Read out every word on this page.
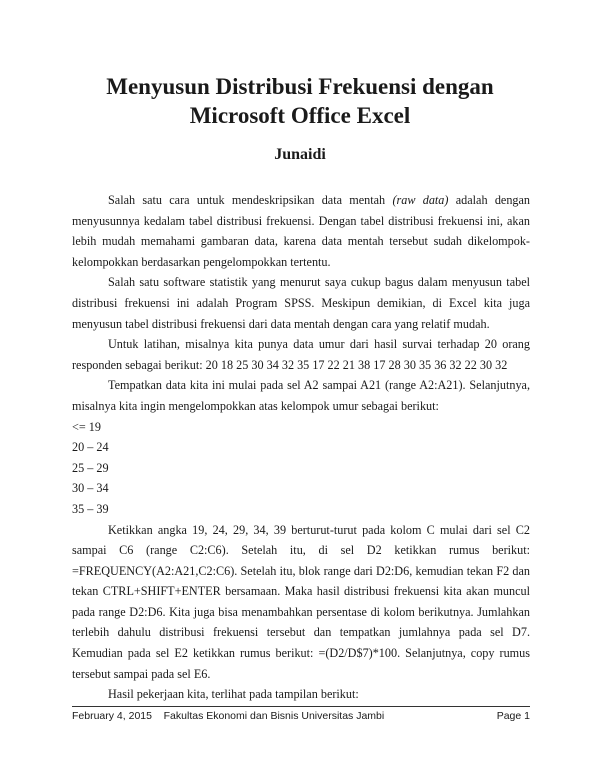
Menyusun Distribusi Frekuensi dengan
Microsoft Office Excel
Junaidi

Salah satu cara untuk mendeskripsikan data mentah (raw data) adalah dengan menyusunnya kedalam tabel distribusi frekuensi. Dengan tabel distribusi frekuensi ini, akan lebih mudah memahami gambaran data, karena data mentah tersebut sudah dikelompok-kelompokkan berdasarkan pengelompokkan tertentu.

Salah satu software statistik yang menurut saya cukup bagus dalam menyusun tabel distribusi frekuensi ini adalah Program SPSS. Meskipun demikian, di Excel kita juga menyusun tabel distribusi frekuensi dari data mentah dengan cara yang relatif mudah.

Untuk latihan, misalnya kita punya data umur dari hasil survai terhadap 20 orang responden sebagai berikut: 20 18 25 30 34 32 35 17 22 21 38 17 28 30 35 36 32 22 30 32

Tempatkan data kita ini mulai pada sel A2 sampai A21 (range A2:A21). Selanjutnya, misalnya kita ingin mengelompokkan atas kelompok umur sebagai berikut:

<= 19
20 – 24
25 – 29
30 – 34
35 – 39

Ketikkan angka 19, 24, 29, 34, 39 berturut-turut pada kolom C mulai dari sel C2 sampai C6 (range C2:C6). Setelah itu, di sel D2 ketikkan rumus berikut: =FREQUENCY(A2:A21,C2:C6). Setelah itu, blok range dari D2:D6, kemudian tekan F2 dan tekan CTRL+SHIFT+ENTER bersamaan. Maka hasil distribusi frekuensi kita akan muncul pada range D2:D6. Kita juga bisa menambahkan persentase di kolom berikutnya. Jumlahkan terlebih dahulu distribusi frekuensi tersebut dan tempatkan jumlahnya pada sel D7. Kemudian pada sel E2 ketikkan rumus berikut: =(D2/D$7)*100. Selanjutnya, copy rumus tersebut sampai pada sel E6.

Hasil pekerjaan kita, terlihat pada tampilan berikut:

February 4, 2015 Fakultas Ekonomi dan Bisnis Universitas Jambi	Page 1
